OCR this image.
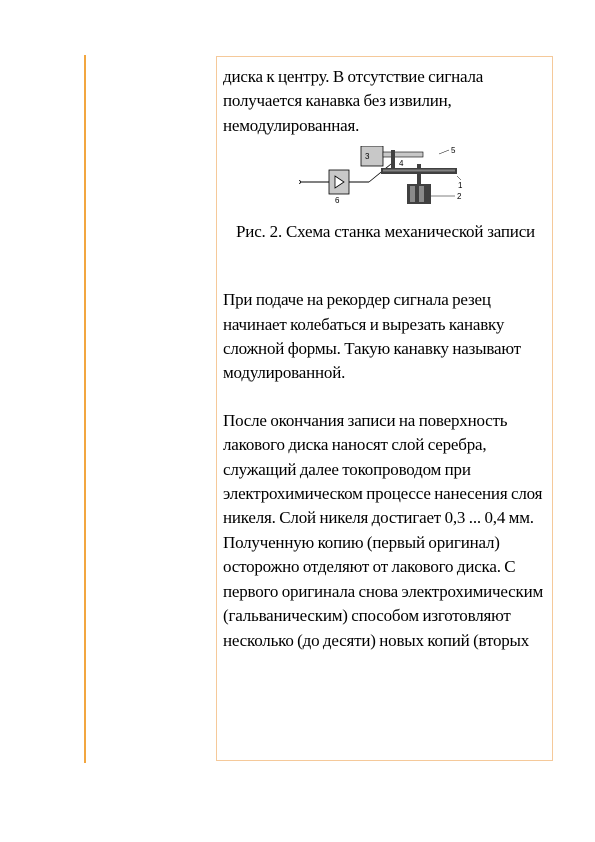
диска к центру. В отсутствие сигнала получается канавка без извилин, немодулированная.

6
3
4
5
1
2

Рис. 2. Схема станка механической записи

При подаче на рекордер сигнала резец начинает колебаться и вырезать канавку сложной формы. Такую канавку называют модулированной.

После окончания записи на поверхность лакового диска наносят слой серебра, служащий далее токопроводом при электрохимическом процессе нанесения слоя никеля. Слой никеля достигает 0,3 ... 0,4 мм. Полученную копию (первый оригинал) осторожно отделяют от лакового диска. С первого оригинала снова электрохимическим (гальваническим) способом изготовляют несколько (до десяти) новых копий (вторых
